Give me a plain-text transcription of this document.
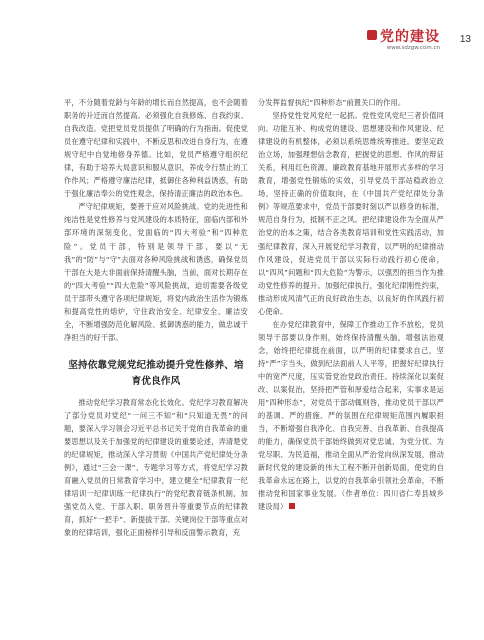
党的建设
www.sdzgw.com.cn
13

平，不分随着党龄与年龄的增长而自然提高，也不会随着职务的升迁而自然提高。必须强化自我修炼、自我约束、自我改造。党把党员党员提供了明确的行为指南。促使党员在遵守纪律和实践中，不断反思和改进自身行为，在遵规守纪中自觉地修身养德。比如，党员严格遵守组织纪律，有助于培养大局意识和服从意识，养成令行禁止的工作作风；严格遵守廉洁纪律，抵御住各种利益诱惑，有助于强化廉洁奉公的党性观念，保持清正廉洁的政治本色。

严守纪律规矩，要善于应对风险挑战。党的先进性和纯洁性是党性修养与党风建设的本质特征，面临内部和外部环境的深刻变化，党面临的“四大考验”和“四种危险”。党员干部，特别是领导干部，要以“无我”的“防”与“守”去面对各种风险挑战和诱惑，确保党员干部在大是大非面前保持清醒头脑，当前，面对长期存在的“四大考验”“四大危险”等风险挑战，迫切需要各级党员干部带头遵守各项纪律规矩，将党内政治生活作为锻炼和提高党性的熔炉，守住政治安全、纪律安全、廉洁安全，不断增强防范化解风险、抵御诱惑的能力，做忠诚干净担当的好干部。

坚持依靠党规党纪推动提升党性修养、培育优良作风

推动党纪学习教育常态化长效化。党纪学习教育解决了部分党员对党纪“一问三不知”和“只知道无畏”的问题，要深入学习领会习近平总书记关于党的自我革命的重要思想以及关于加强党的纪律建设的重要论述，弄清楚党的纪律规矩，推动深入学习贯彻《中国共产党纪律处分条例》，通过“三会一课”、专题学习等方式，将党纪学习教育融入党员的日常教育学习中，建立健全“纪律教育一纪律培训一纪律训练一纪律执行”的党纪教育链条机制，加强党员入党、干部入职、职务晋升等重要节点的纪律教育，抓好“一把手”、新提拔干部、关键岗位干部等重点对象的纪律培训，强化正面榜样引导和反面警示教育，充

分发挥监督执纪“四种形态”前置关口的作用。

坚持党性党风党纪一起抓。党性党风党纪三者价值同向、功能互补、构成党的建设、思想建设和作风建设、纪律建设的有机整体，必须以系统思维统筹推进。要坚定政治立场，加强理想信念教育，把握党的思想、作风的辩证关系，利用红色资源、廉政教育基地开展形式多样的学习教育，增强党性锻炼的实效，引导党员干部站稳政治立场，坚持正确的价值取向，在《中国共产党纪律处分条例》等规范要求中，党员干部要时刻以严以修身的标准，规范自身行为，抵制不正之风。把纪律建设作为全面从严治党的治本之策，结合各类教育培训和党性实践活动，加强纪律教育，深入开展党纪学习教育，以严明的纪律推动作风建设，促进党员干部以实际行动践行初心使命，以“四风”问题和“四大危险”为警示，以强烈的担当作为推动党性修养的提升。加强纪律执行，强化纪律刚性约束，推动形成风清气正的良好政治生态，以良好的作风践行初心使命。

在办党纪律教育中，保障工作推动工作不放松，党员领导干部要以身作则，始终保持清醒头脑，增强法治观念，始终把纪律挺在前面，以严明的纪律要求自己，坚持“严”字当头，做到纪法面前人人平等，把握好纪律执行中的宽严尺度，压实管党治党政治责任。持续深化以案促改、以案促治，坚持把严管和厚爱结合起来，实事求是运用“四种形态”，对党员干部动辄则咎，推动党员干部以严的基调、严的措施、严的氛围在纪律规矩范围内履职担当，不断增强自我净化、自我完善、自我革新、自我提高的能力，确保党员干部始终做到对党忠诚、为党分忧、为党尽职、为民造福，推动全面从严治党向纵深发展，推动新时代党的建设新的伟大工程不断开创新局面，使党的自我革命永远在路上，以党的自我革命引领社会革命，不断推动党和国家事业发展。（作者单位：四川省仁寿县城乡建设局）
